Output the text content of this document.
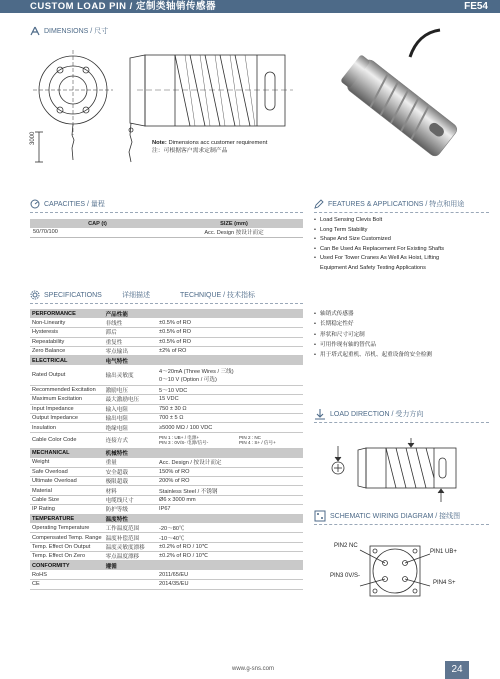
CUSTOM LOAD PIN / 定制类轴销传感器	FE54
DIMENSIONS / 尺寸
3000	Note: Dimensions acc customer requirement
注：可根据客户需求定制产品
CAPACITIES / 量程
CAP (t)	SIZE (mm)
50/70/100	Acc. Design 按设计而定
FEATURES & APPLICATIONS / 特点和用途
• Load Sensing Clevis Bolt
• Long Term Stability
• Shape And Size Customized
• Can Be Used As Replacement For Existing Shafts
• Used For Tower Cranes As Well As Hoist, Lifting
Equipment And Safety Testing Applications
• 轴销式传感器
• 长期稳定性好
• 形状和尺寸可定制
• 可用作现有轴的替代品
• 用于塔式起重机、吊机、起重设备的安全检测
SPECIFICATIONS	详细描述	TECHNIQUE / 技术指标
PERFORMANCE	产品性能	
Non-Linearity	非线性	±0.5% of RO
Hysteresis	滞后	±0.5% of RO
Repeatability	重复性	±0.5% of RO
Zero Balance	零点输出	±2% of RO
ELECTRICAL	电气特性	
Rated Output	输出灵敏度	4～20mA (Three Wires / 三线)
0～10 V (Option / 可选)

Recommended Excitation	激励电压	5～10 VDC
Maximum Excitation	最大激励电压	15 VDC
Input Impedance	输入电阻	750 ± 30 Ω
Output Impedance	输出电阻	700 ± 5 Ω
Insulation	绝缘电阻	≥5000 MΩ / 100 VDC
Cable Color Code	连接方式	PIN 1 : UB+ / 电源+ PIN 2 : NC
PIN 3 : 0V/S- 电源/信号- PIN 4 : S+ / 信号+

MECHANICAL	机械特性	
Weight	重量	Acc. Design / 按设计而定
Safe Overload	安全超载	150% of RO
Ultimate Overload	极限超载	200% of RO
Material	材料	Stainless Steel / 不锈钢
Cable Size	电缆线尺寸	Ø6 x 3000 mm
IP Rating	防护等级	IP67
TEMPERATURE	温度特性	
Operating Temperature	工作温度范围	-20～80℃
Compensated Temp. Range	温度补偿范围	-10～40℃
Temp. Effect On Output	温度灵敏度漂移	±0.2% of RO / 10℃
Temp. Effect On Zero	零点温度漂移	±0.2% of RO / 10℃
CONFORMITY	遵循	
RoHS		2011/65/EU
CE		2014/35/EU
LOAD DIRECTION / 受力方向
SCHEMATIC WIRING DIAGRAM / 接线图
PIN2 NC
PIN1 UB+
PIN3 0V/S-
PIN4 S+
www.g-sns.com	24
